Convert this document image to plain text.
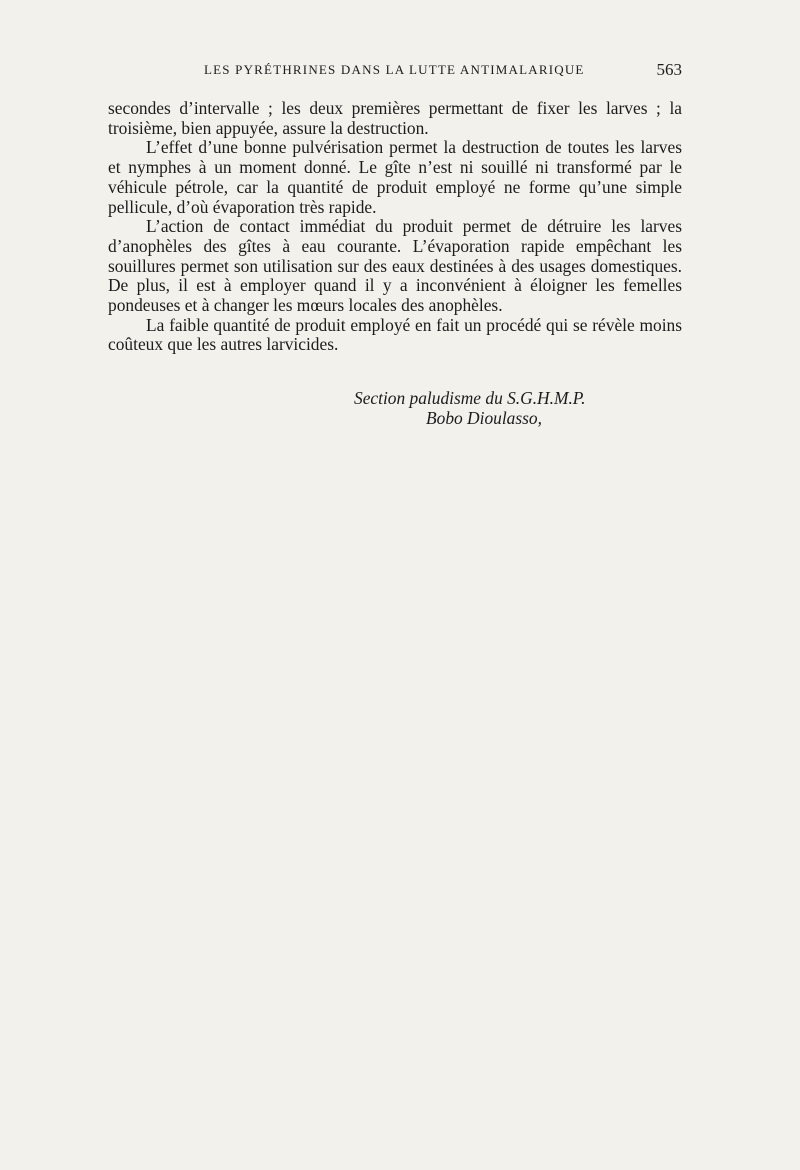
LES PYRÉTHRINES DANS LA LUTTE ANTIMALARIQUE	563

secondes d’intervalle ; les deux premières permettant de fixer les larves ; la troisième, bien appuyée, assure la destruction.

L’effet d’une bonne pulvérisation permet la destruction de toutes les larves et nymphes à un moment donné. Le gîte n’est ni souillé ni transformé par le véhicule pétrole, car la quantité de produit employé ne forme qu’une simple pellicule, d’où évaporation très rapide.

L’action de contact immédiat du produit permet de détruire les larves d’anophèles des gîtes à eau courante. L’évaporation rapide empêchant les souillures permet son utilisation sur des eaux destinées à des usages domestiques. De plus, il est à employer quand il y a inconvénient à éloigner les femelles pondeuses et à changer les mœurs locales des anophèles.

La faible quantité de produit employé en fait un procédé qui se révèle moins coûteux que les autres larvicides.

Section paludisme du S.G.H.M.P.
Bobo Dioulasso,
